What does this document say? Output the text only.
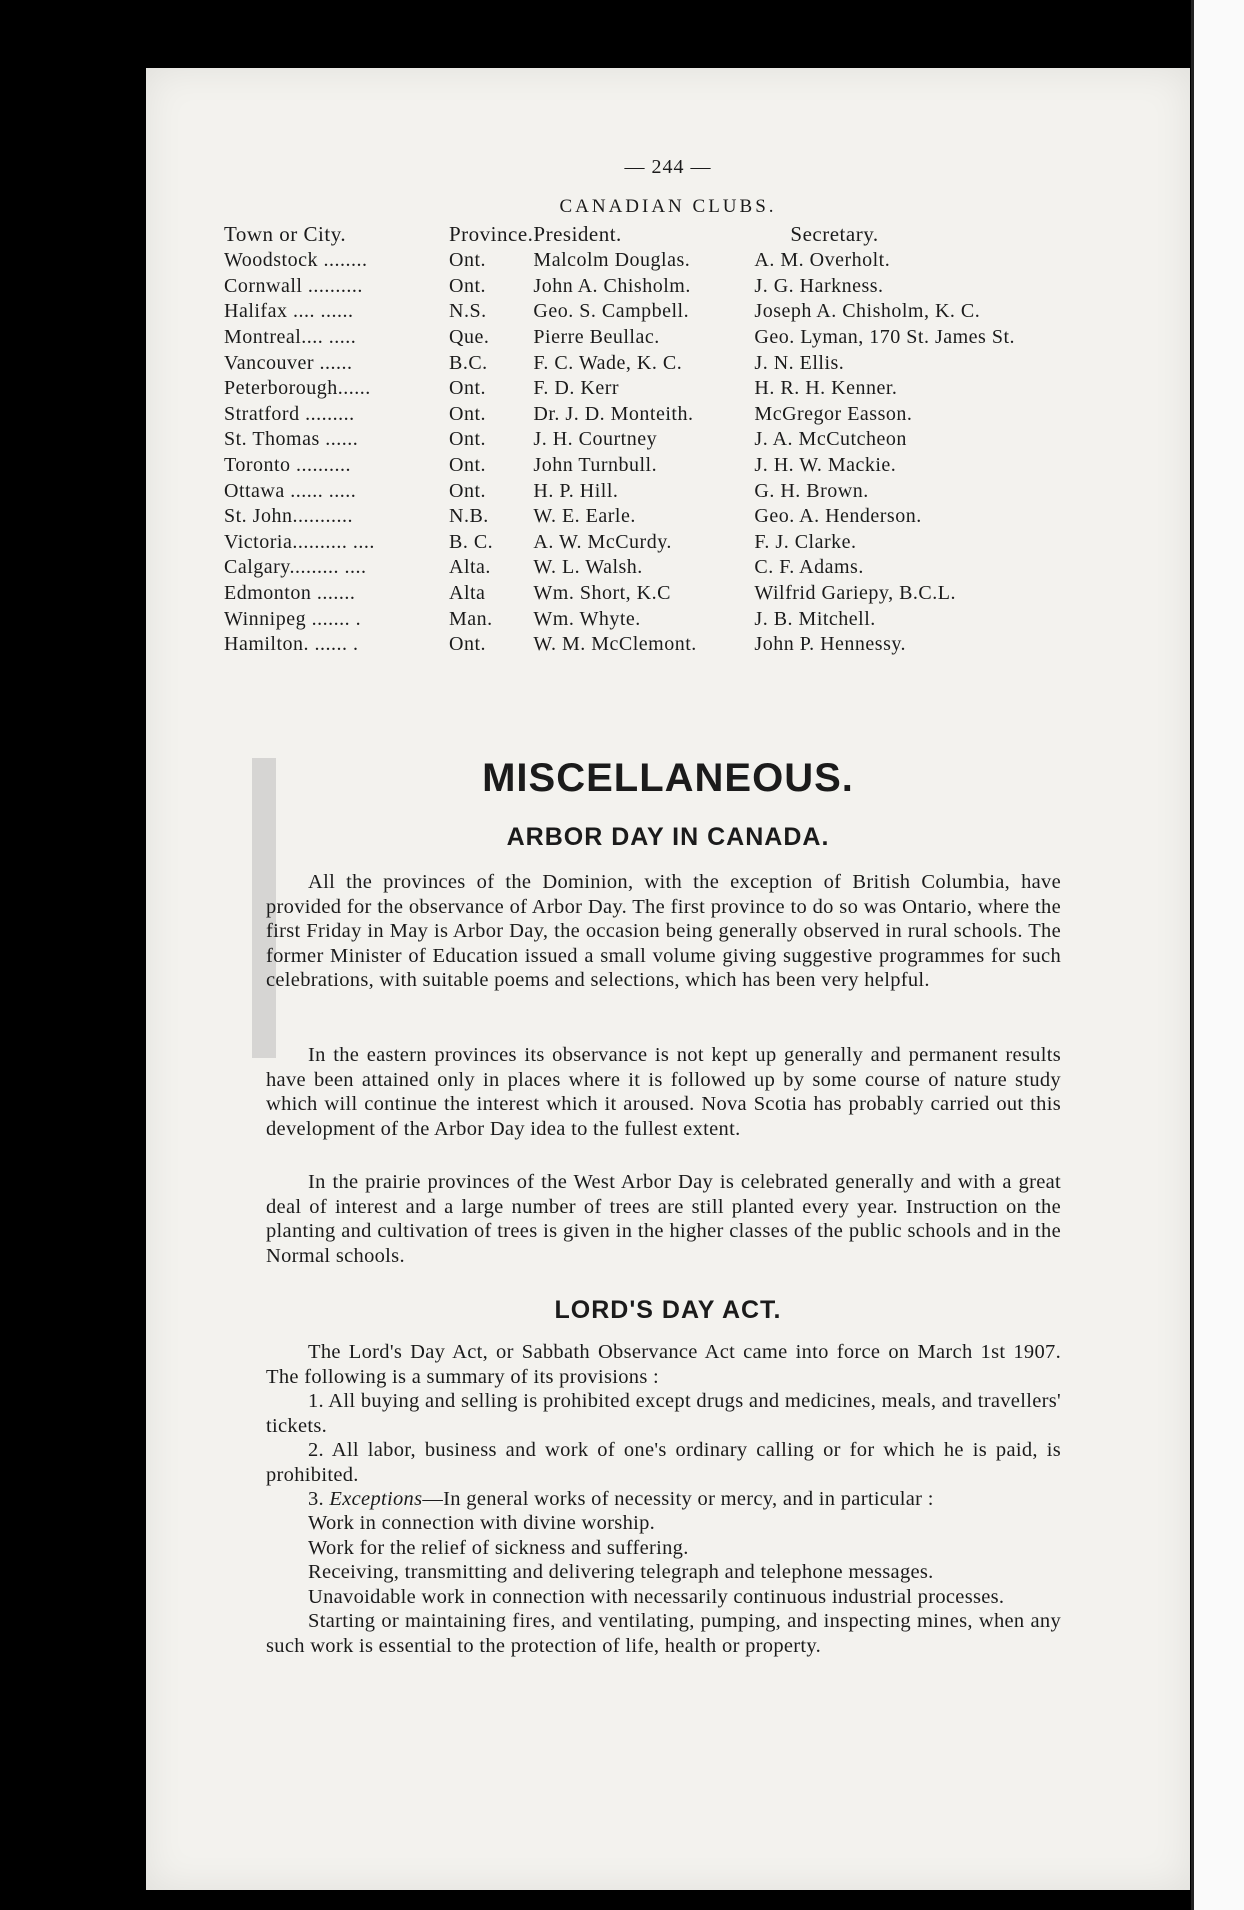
— 244 —
CANADIAN CLUBS.
Town or City.	Province.	President.	Secretary.
Woodstock ........	Ont.	Malcolm Douglas.	A. M. Overholt.
Cornwall ..........	Ont.	John A. Chisholm.	J. G. Harkness.
Halifax .... ......	N.S.	Geo. S. Campbell.	Joseph A. Chisholm, K. C.
Montreal.... .....	Que.	Pierre Beullac.	Geo. Lyman, 170 St. James St.
Vancouver ......	B.C.	F. C. Wade, K. C.	J. N. Ellis.
Peterborough......	Ont.	F. D. Kerr	H. R. H. Kenner.
Stratford .........	Ont.	Dr. J. D. Monteith.	McGregor Easson.
St. Thomas ......	Ont.	J. H. Courtney	J. A. McCutcheon
Toronto ..........	Ont.	John Turnbull.	J. H. W. Mackie.
Ottawa ...... .....	Ont.	H. P. Hill.	G. H. Brown.
St. John...........	N.B.	W. E. Earle.	Geo. A. Henderson.
Victoria.......... ....	B. C.	A. W. McCurdy.	F. J. Clarke.
Calgary......... ....	Alta.	W. L. Walsh.	C. F. Adams.
Edmonton .......	Alta	Wm. Short, K.C	Wilfrid Gariepy, B.C.L.
Winnipeg ....... .	Man.	Wm. Whyte.	J. B. Mitchell.
Hamilton. ...... .	Ont.	W. M. McClemont.	John P. Hennessy.
MISCELLANEOUS.
ARBOR DAY IN CANADA.

All the provinces of the Dominion, with the exception of British Columbia, have provided for the observance of Arbor Day. The first province to do so was Ontario, where the first Friday in May is Arbor Day, the occasion being generally observed in rural schools. The former Minister of Education issued a small volume giving suggestive programmes for such celebrations, with suitable poems and selections, which has been very helpful.

In the eastern provinces its observance is not kept up generally and permanent results have been attained only in places where it is followed up by some course of nature study which will continue the interest which it aroused. Nova Scotia has probably carried out this development of the Arbor Day idea to the fullest extent.

In the prairie provinces of the West Arbor Day is celebrated generally and with a great deal of interest and a large number of trees are still planted every year. Instruction on the planting and cultivation of trees is given in the higher classes of the public schools and in the Normal schools.

LORD'S DAY ACT.

The Lord's Day Act, or Sabbath Observance Act came into force on March 1st 1907. The following is a summary of its provisions :

1. All buying and selling is prohibited except drugs and medicines, meals, and travellers' tickets.

2. All labor, business and work of one's ordinary calling or for which he is paid, is prohibited.

3. Exceptions—In general works of necessity or mercy, and in particular :

Work in connection with divine worship.

Work for the relief of sickness and suffering.

Receiving, transmitting and delivering telegraph and telephone messages.

Unavoidable work in connection with necessarily continuous industrial processes.

Starting or maintaining fires, and ventilating, pumping, and inspecting mines, when any such work is essential to the protection of life, health or property.
